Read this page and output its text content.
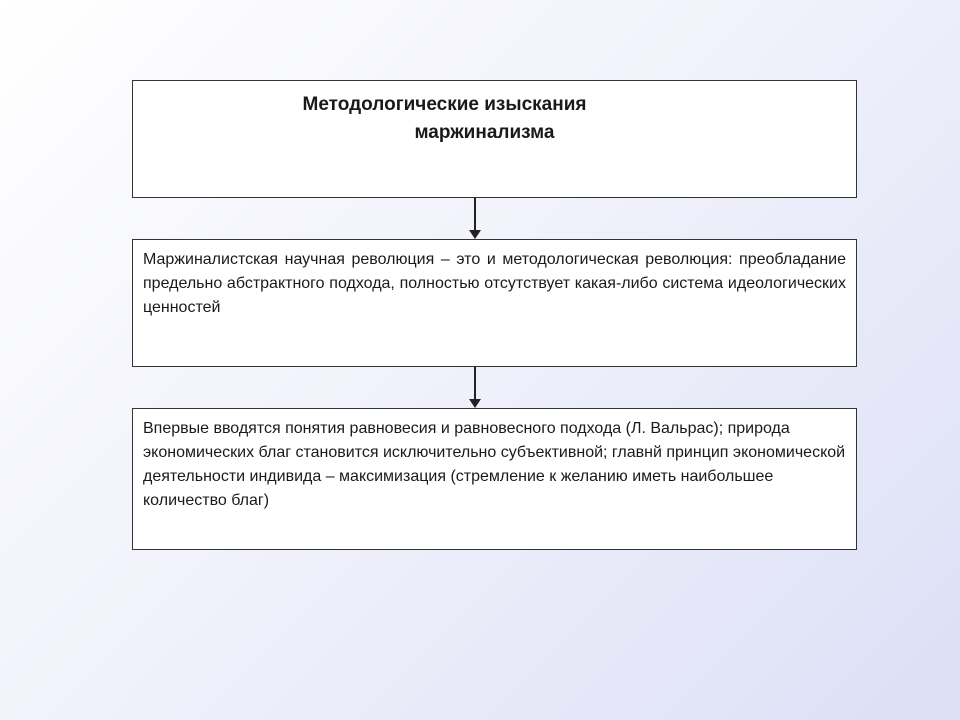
Методологические изыскания
маржинализма
Маржиналистская научная революция – это и методологическая революция: преобладание предельно абстрактного подхода, полностью отсутствует какая-либо система идеологических ценностей
Впервые вводятся понятия равновесия и равновесного подхода (Л. Вальрас); природа экономических благ становится исключительно субъективной; главнй принцип экономической деятельности индивида – максимизация (стремление к желанию иметь наибольшее количество благ)
